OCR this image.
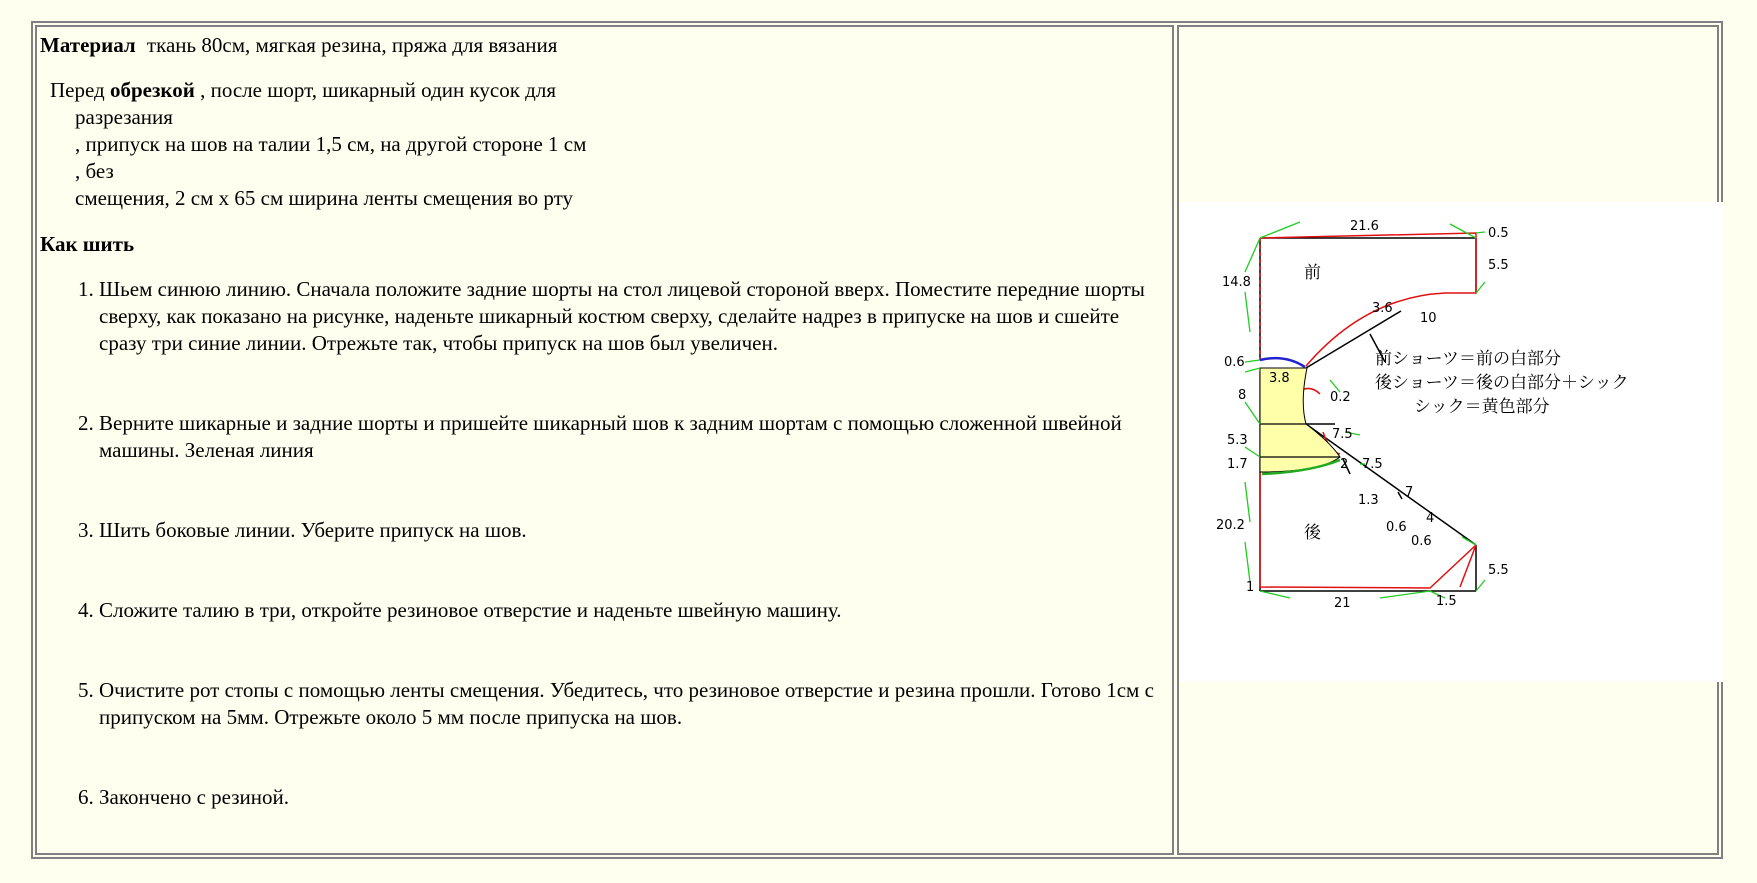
Материал ткань 80см, мягкая резина, пряжа для вязания
Перед обрезкой , после шорт, шикарный один кусок для
разрезания
, припуск на шов на талии 1,5 см, на другой стороне 1 см
, без
смещения, 2 см x 65 см ширина ленты смещения во рту
Как шить
1. Шьем синюю линию. Сначала положите задние шорты на стол лицевой стороной вверх. Поместите передние шорты сверху, как показано на рисунке, наденьте шикарный костюм сверху, сделайте надрез в припуске на шов и сшейте сразу три синие линии. Отрежьте так, чтобы припуск на шов был увеличен.
2. Верните шикарные и задние шорты и пришейте шикарный шов к задним шортам с помощью сложенной швейной машины. Зеленая линия
3. Шить боковые линии. Уберите припуск на шов.
4. Сложите талию в три, откройте резиновое отверстие и наденьте швейную машину.
5. Очистите рот стопы с помощью ленты смещения. Убедитесь, что резиновое отверстие и резина прошли. Готово 1см с припуском на 5мм. Отрежьте около 5 мм после припуска на шов.
6. Закончено с резиной.
21.6	0.5
5.5
14.8
3.6
10
0.6
3.8
0.2
8
5.3
1.7
7.5
2 7.5
1.3
7
4
0.6
0.6
20.2
1
21	1.5
5.5
前
後
前ショーツ＝前の白部分
後ショーツ＝後の白部分＋シック
シック＝黄色部分
